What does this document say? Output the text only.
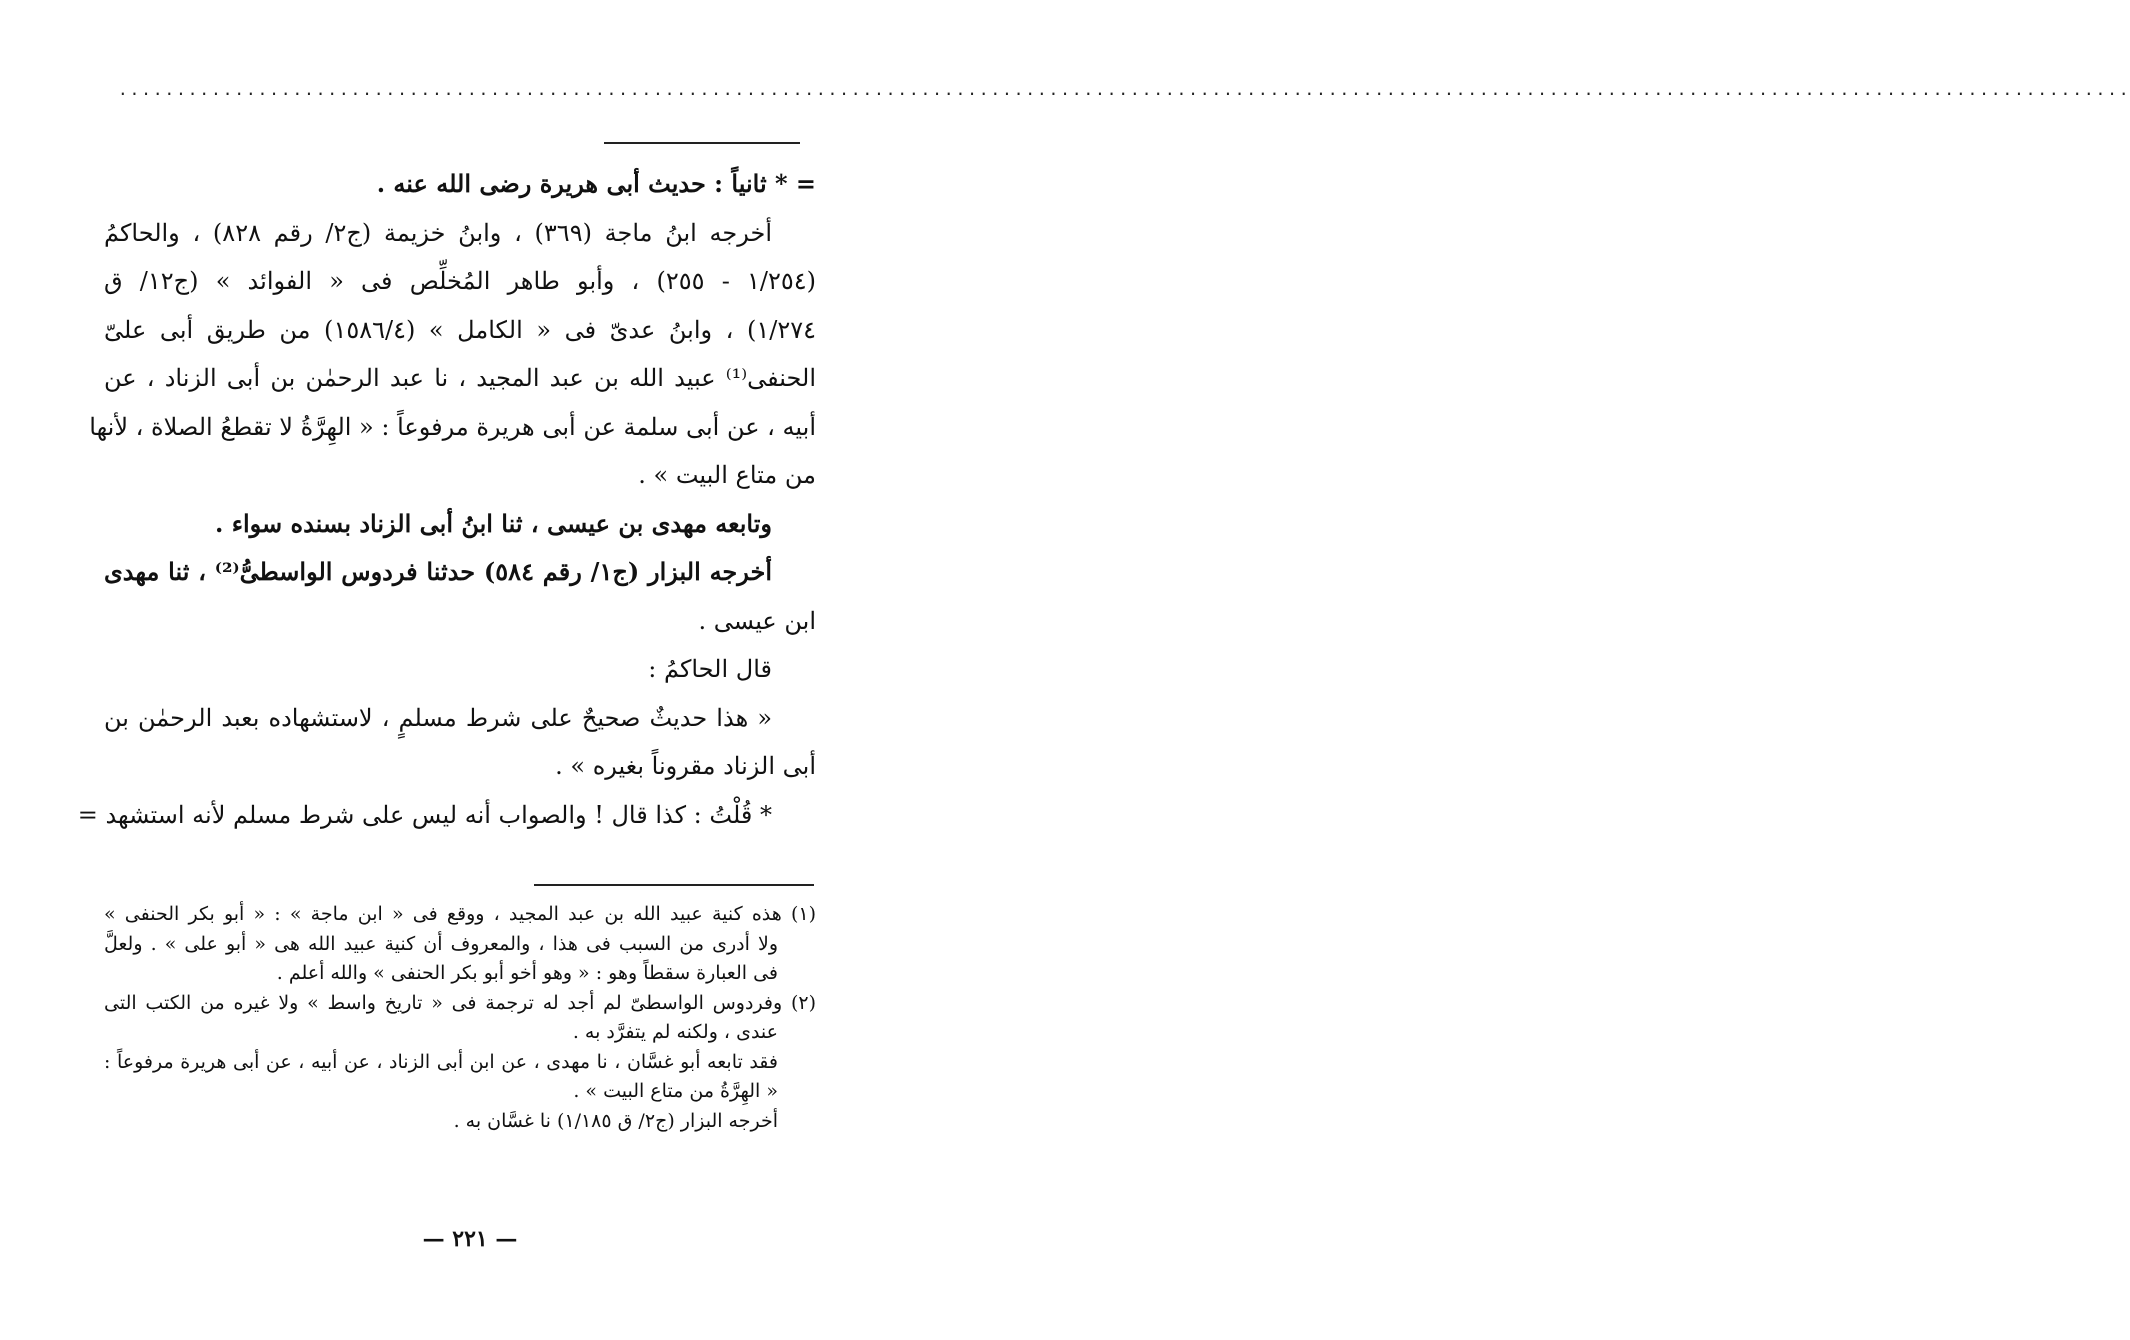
.............................................................................................................................................................................
= * ثانياً : حديث أبى هريرة رضى الله عنه .
أخرجه ابنُ ماجة (٣٦٩) ، وابنُ خزيمة (ج٢/ رقم ٨٢٨) ، والحاكمُ
(١/٢٥٤ - ٢٥٥) ، وأبو طاهر المُخلِّص فى « الفوائد » (ج١٢/ ق
١/٢٧٤) ، وابنُ عدىّ فى « الكامل » (١٥٨٦/٤) من طريق أبى علىّ
الحنفى⁽¹⁾ عبيد الله بن عبد المجيد ، نا عبد الرحمٰن بن أبى الزناد ، عن
أبيه ، عن أبى سلمة عن أبى هريرة مرفوعاً : « الهِرَّةُ لا تقطعُ الصلاة ، لأنها
من متاع البيت » .
وتابعه مهدى بن عيسى ، ثنا ابنُ أبى الزناد بسنده سواء .
أخرجه البزار (ج١/ رقم ٥٨٤) حدثنا فردوس الواسطىُّ⁽²⁾ ، ثنا مهدى
ابن عيسى .
قال الحاكمُ :
« هذا حديثٌ صحيحٌ على شرط مسلمٍ ، لاستشهاده بعبد الرحمٰن بن
أبى الزناد مقروناً بغيره » .
* قُلْتُ : كذا قال ! والصواب أنه ليس على شرط مسلم لأنه استشهد =
(١) هذه كنية عبيد الله بن عبد المجيد ، ووقع فى « ابن ماجة » : « أبو بكر الحنفى »
ولا أدرى من السبب فى هذا ، والمعروف أن كنية عبيد الله هى « أبو على » . ولعلَّ
فى العبارة سقطاً وهو : « وهو أخو أبو بكر الحنفى » والله أعلم .
(٢) وفردوس الواسطىّ لم أجد له ترجمة فى « تاريخ واسط » ولا غيره من الكتب التى
عندى ، ولكنه لم يتفرَّد به .
فقد تابعه أبو غسَّان ، نا مهدى ، عن ابن أبى الزناد ، عن أبيه ، عن أبى هريرة مرفوعاً :
« الهِرَّةُ من متاع البيت » .
أخرجه البزار (ج٢/ ق ١/١٨٥) نا غسَّان به .
— ٢٢١ —
